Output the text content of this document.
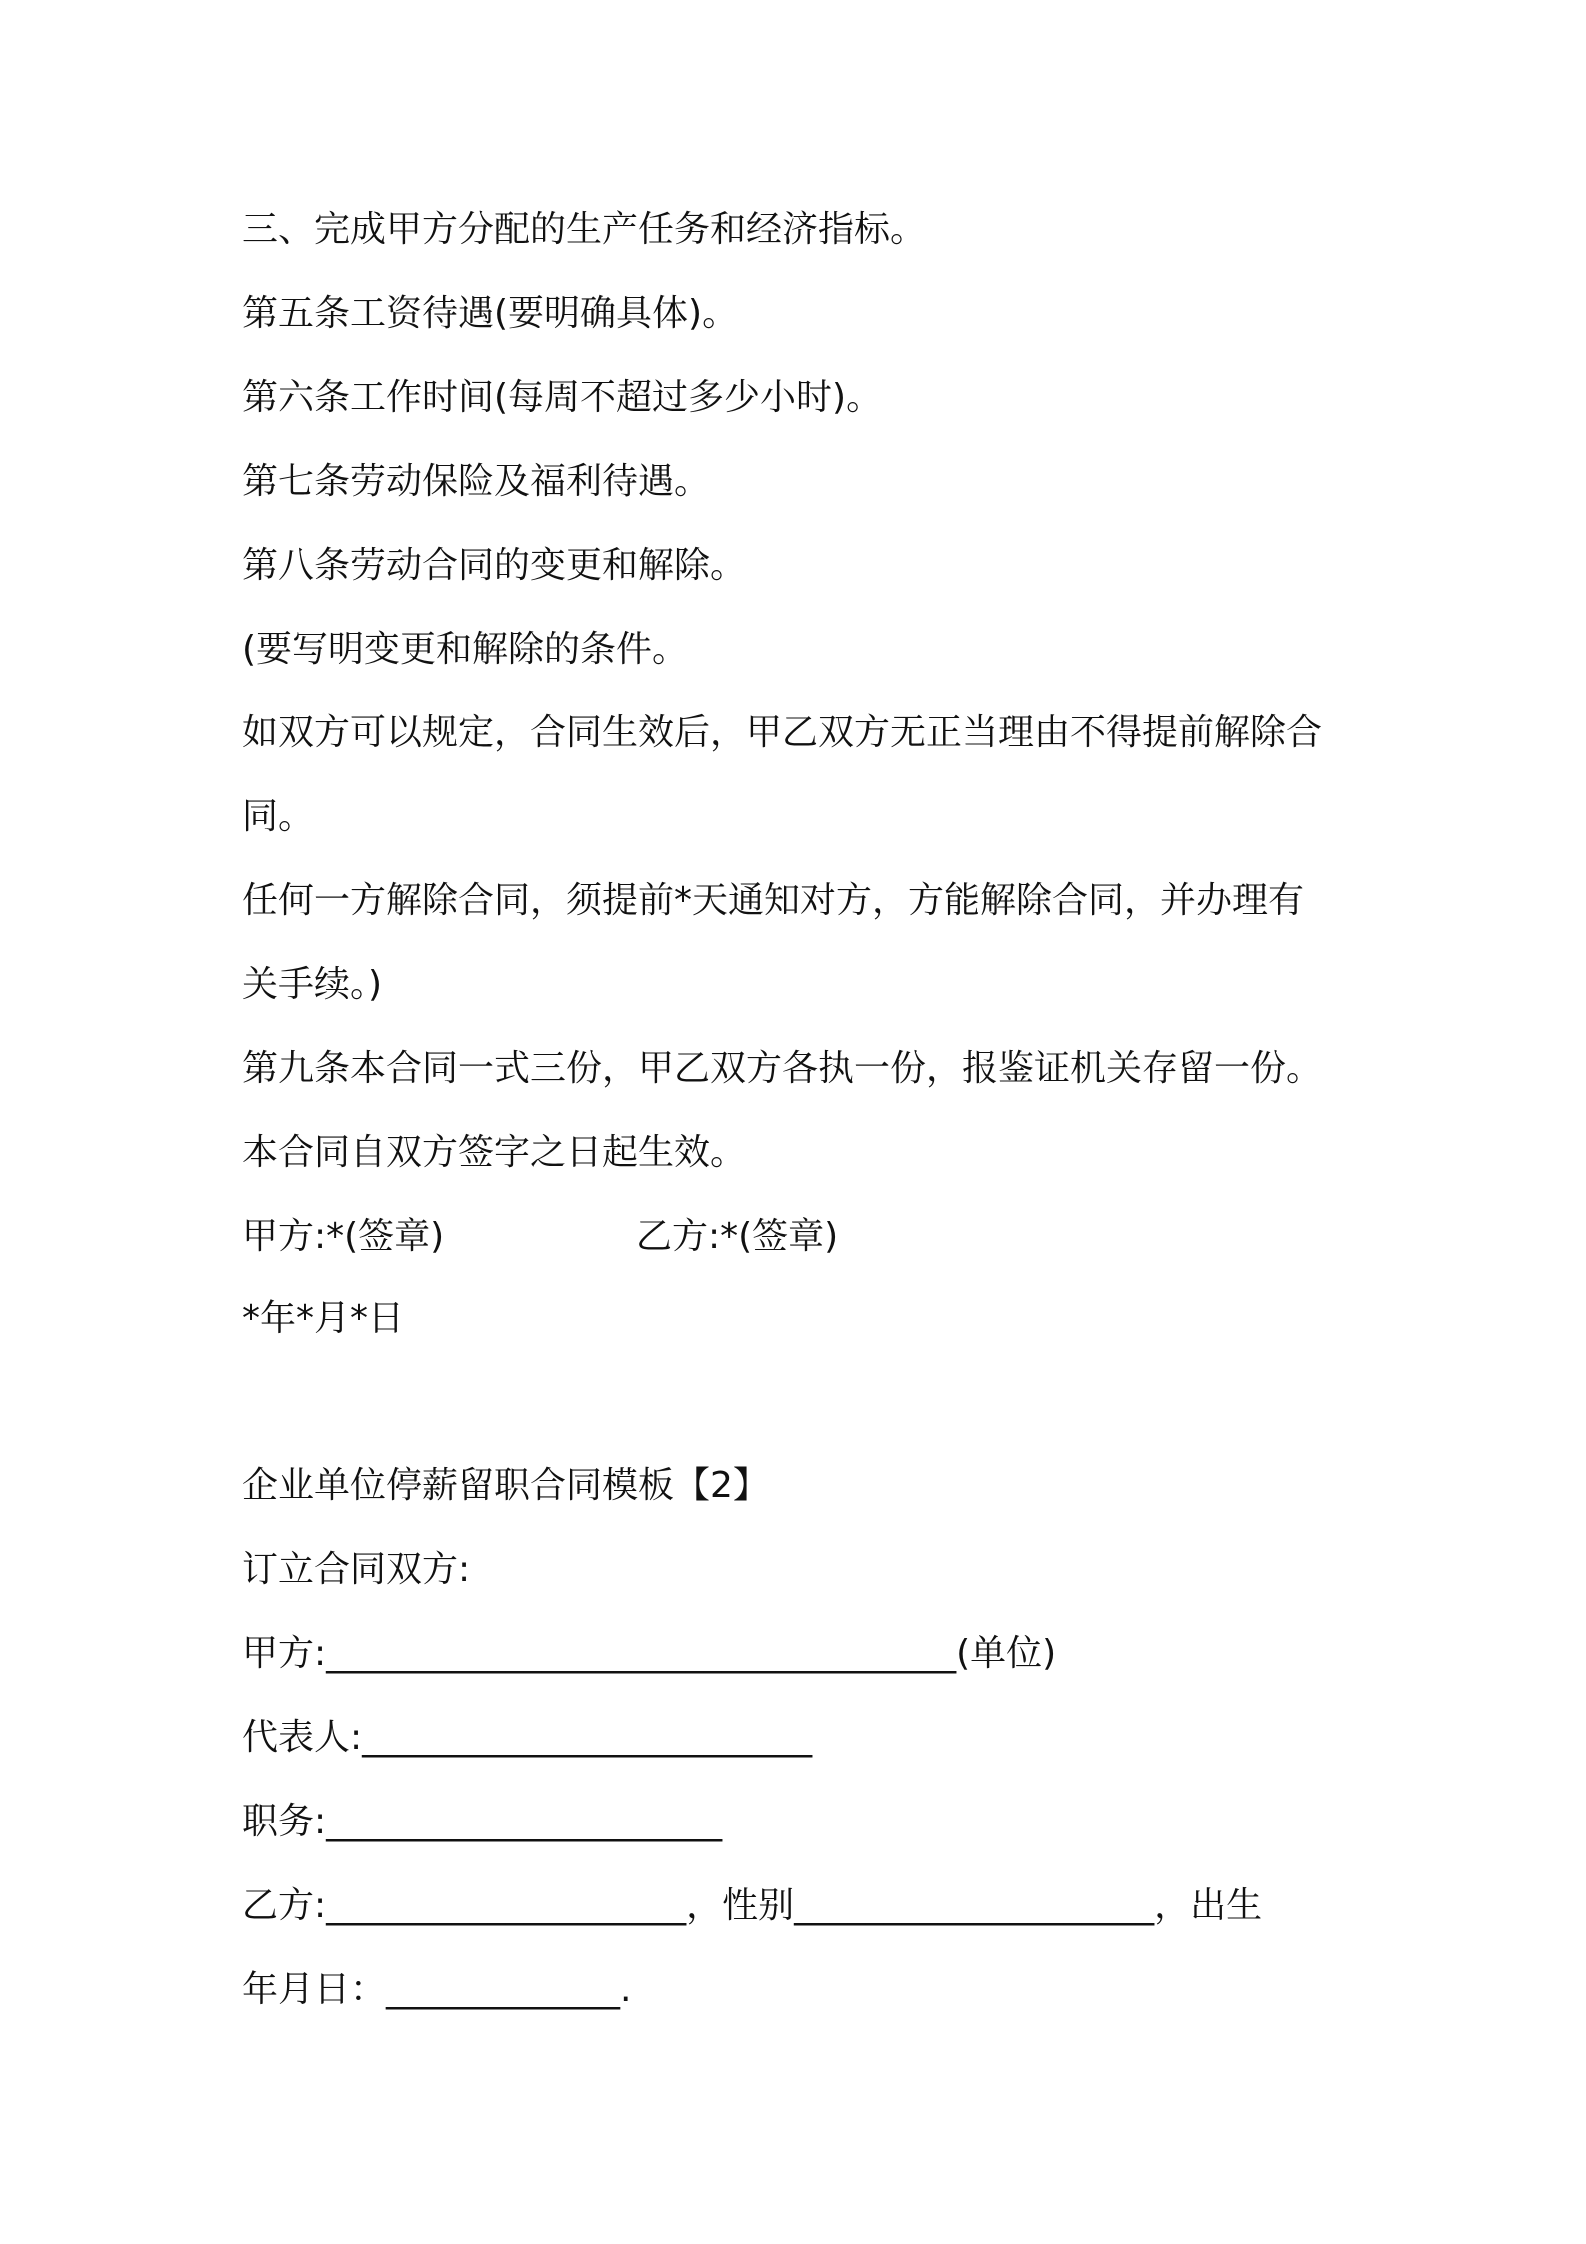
三、完成甲方分配的生产任务和经济指标。

第五条工资待遇(要明确具体)。

第六条工作时间(每周不超过多少小时)。

第七条劳动保险及福利待遇。

第八条劳动合同的变更和解除。

(要写明变更和解除的条件。

如双方可以规定，合同生效后，甲乙双方无正当理由不得提前解除合

同。

任何一方解除合同，须提前*天通知对方，方能解除合同，并办理有

关手续。)

第九条本合同一式三份，甲乙双方各执一份，报鉴证机关存留一份。

本合同自双方签字之日起生效。

甲方:*(签章)	乙方:*(签章)

*年*月*日

企业单位停薪留职合同模板【2】

订立合同双方:

甲方:___________________________________(单位)

代表人:_________________________

职务:______________________

乙方:____________________，性别____________________，出生

年月日：_____________.
